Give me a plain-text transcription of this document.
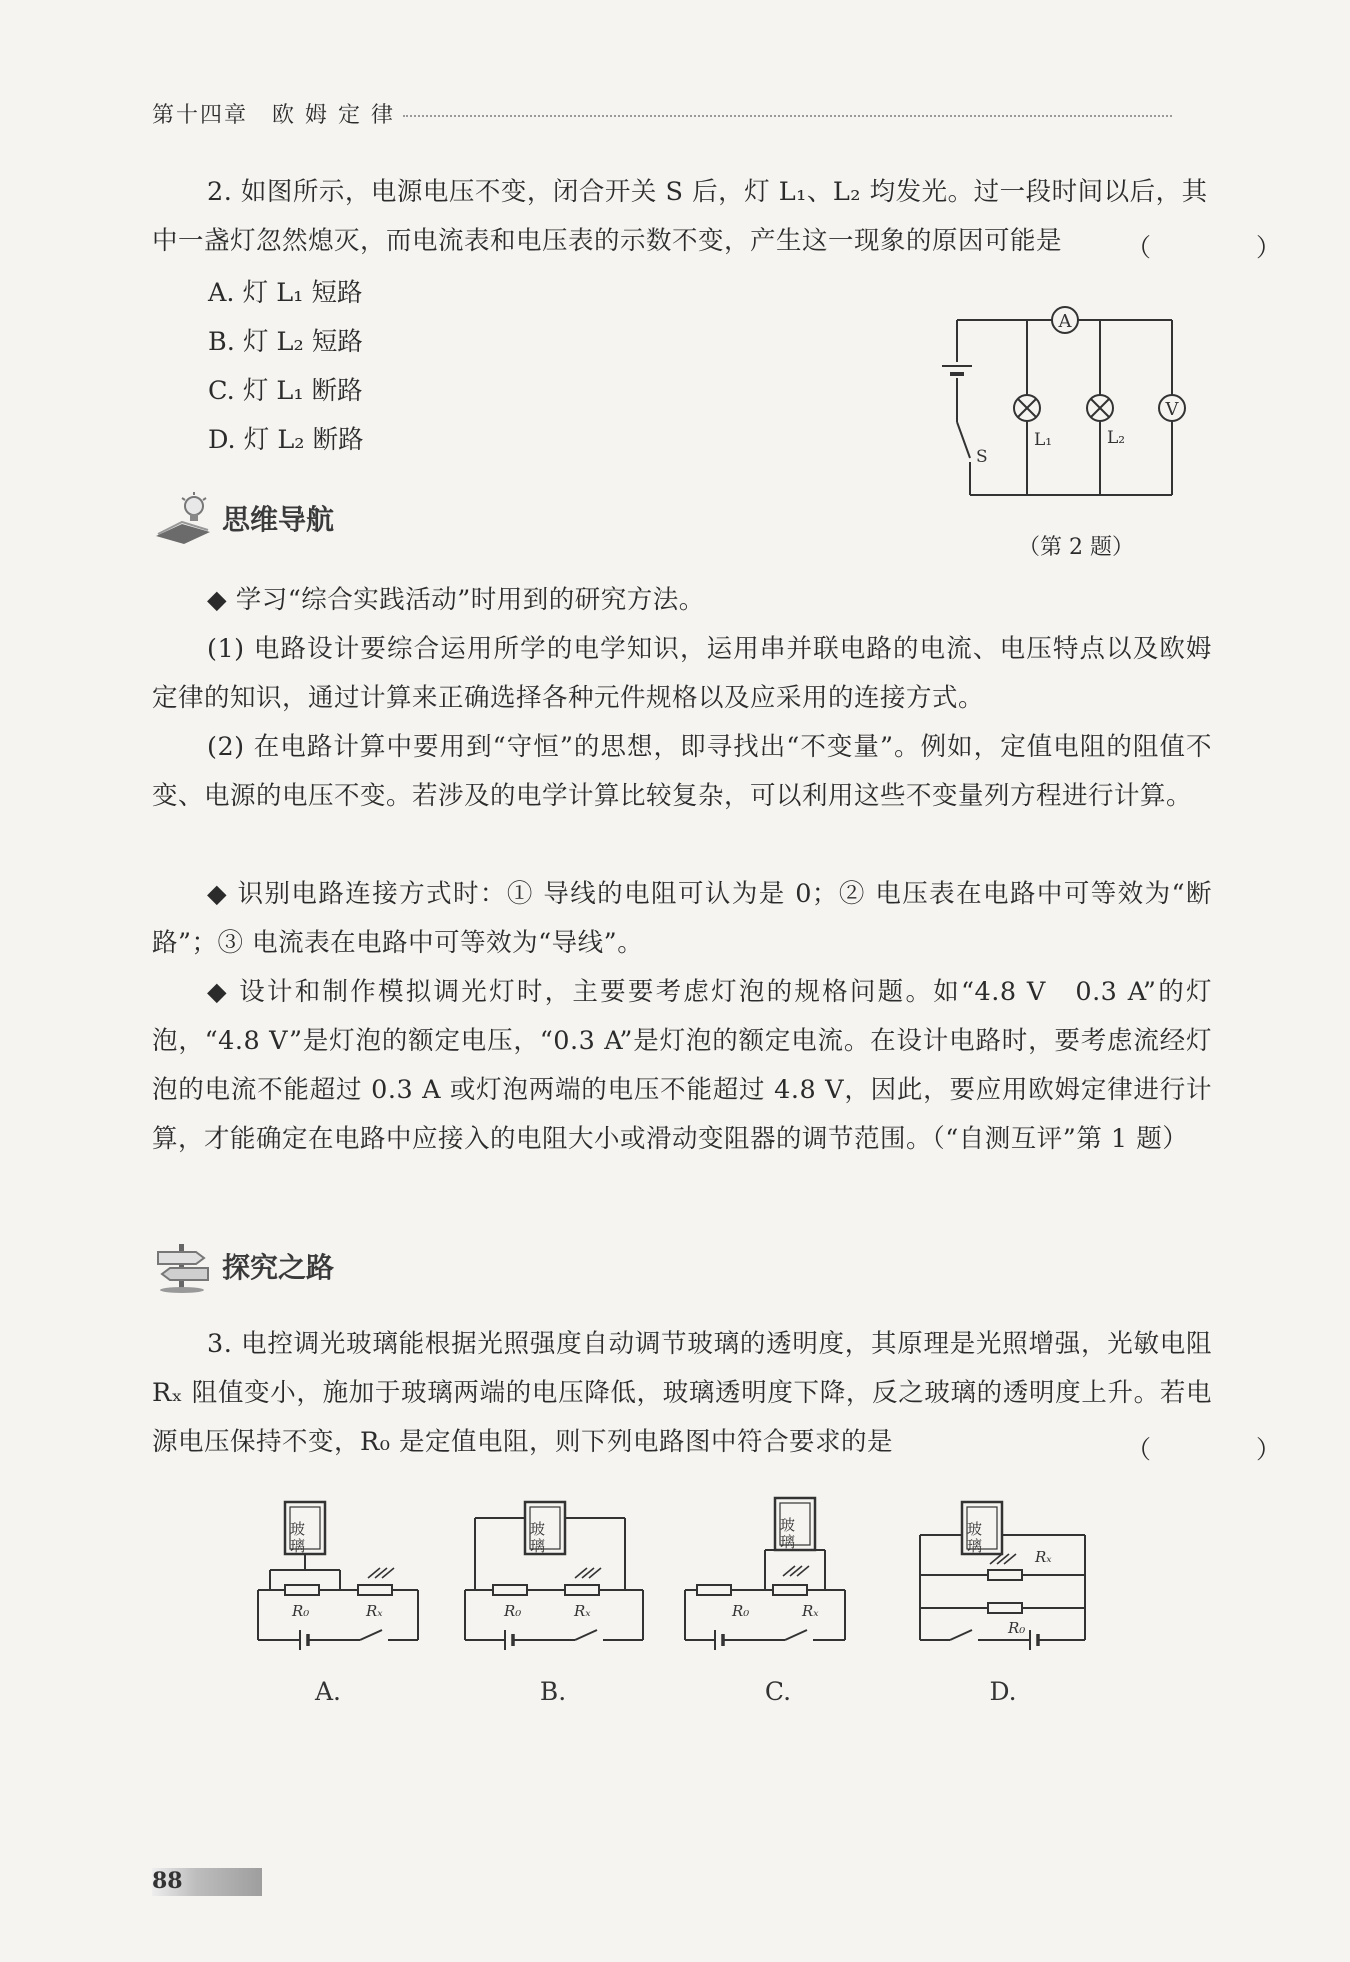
第十四章　欧 姆 定 律
2. 如图所示，电源电压不变，闭合开关 S 后，灯 L₁、L₂ 均发光。过一段时间以后，其
中一盏灯忽然熄灭，而电流表和电压表的示数不变，产生这一现象的原因可能是	（　）
A. 灯 L₁ 短路
B. 灯 L₂ 短路
C. 灯 L₁ 断路
D. 灯 L₂ 断路
A
L₁	L₂
V
S
（第 2 题）
思维导航
◆ 学习“综合实践活动”时用到的研究方法。
(1) 电路设计要综合运用所学的电学知识，运用串并联电路的电流、电压特点以及欧姆定律的知识，通过计算来正确选择各种元件规格以及应采用的连接方式。
(2) 在电路计算中要用到“守恒”的思想，即寻找出“不变量”。例如，定值电阻的阻值不变、电源的电压不变。若涉及的电学计算比较复杂，可以利用这些不变量列方程进行计算。
◆ 识别电路连接方式时：① 导线的电阻可认为是 0；② 电压表在电路中可等效为“断路”；③ 电流表在电路中可等效为“导线”。
◆ 设计和制作模拟调光灯时，主要要考虑灯泡的规格问题。如“4.8 V　0.3 A”的灯泡，“4.8 V”是灯泡的额定电压，“0.3 A”是灯泡的额定电流。在设计电路时，要考虑流经灯泡的电流不能超过 0.3 A 或灯泡两端的电压不能超过 4.8 V，因此，要应用欧姆定律进行计算，才能确定在电路中应接入的电阻大小或滑动变阻器的调节范围。（“自测互评”第 1 题）
探究之路
3. 电控调光玻璃能根据光照强度自动调节玻璃的透明度，其原理是光照增强，光敏电阻 Rₓ 阻值变小，施加于玻璃两端的电压降低，玻璃透明度下降，反之玻璃的透明度上升。若电源电压保持不变，R₀ 是定值电阻，则下列电路图中符合要求的是	（　）
玻
璃
R₀	Rₓ
A.
玻
璃
R₀	Rₓ
B.
玻
璃
R₀	Rₓ
C.
玻
璃
Rₓ
R₀
D.
88
